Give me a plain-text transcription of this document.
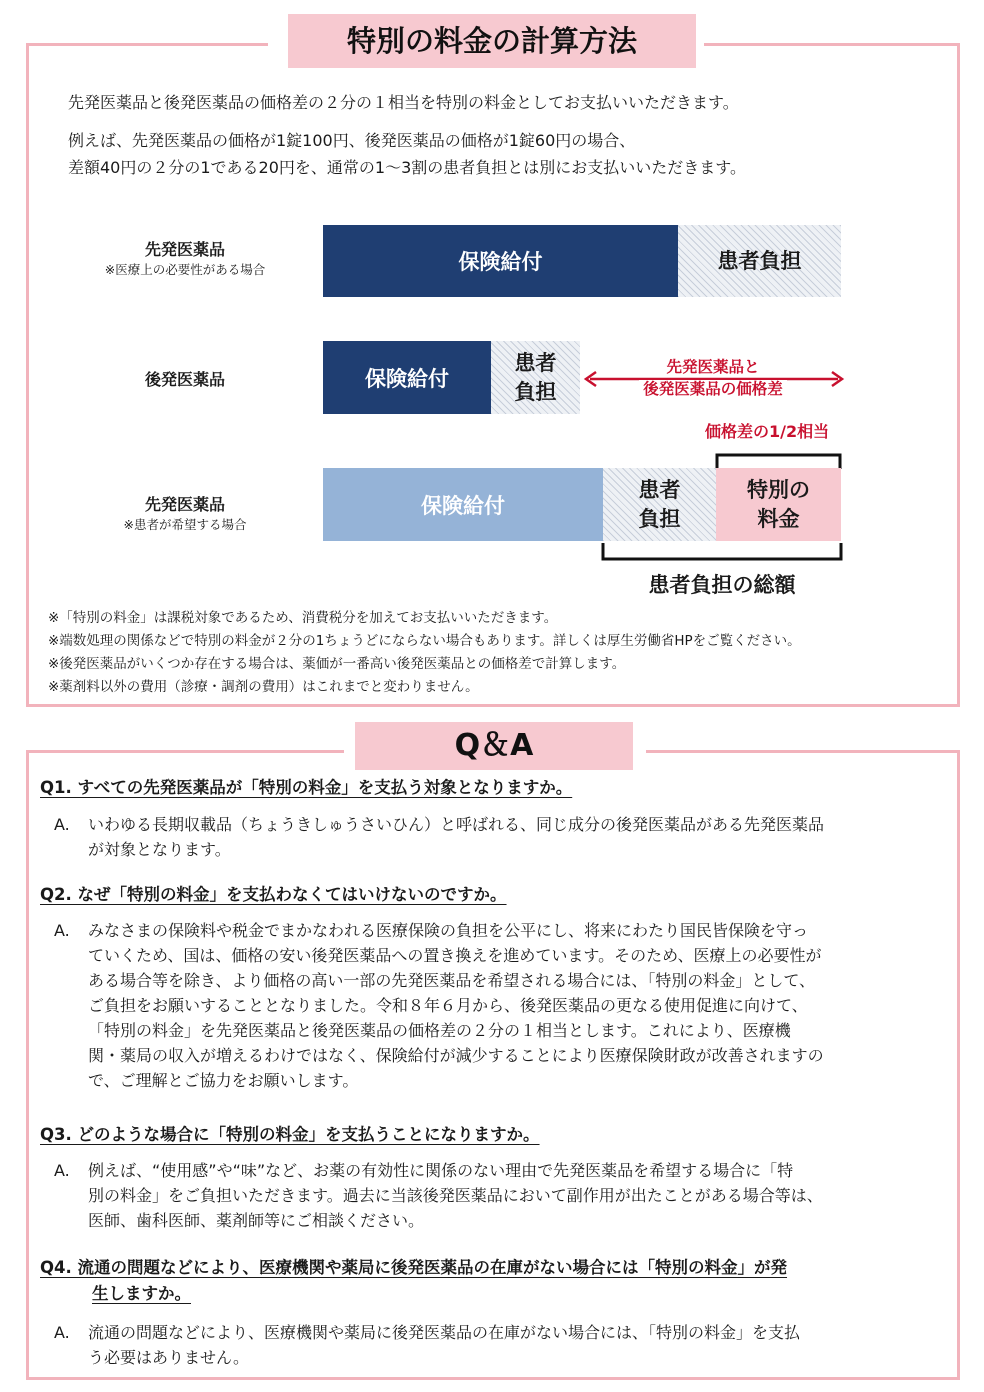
特別の料金の計算方法
先発医薬品と後発医薬品の価格差の２分の１相当を特別の料金としてお支払いいただきます。
例えば、先発医薬品の価格が1錠100円、後発医薬品の価格が1錠60円の場合、
差額40円の２分の1である20円を、通常の1～3割の患者負担とは別にお支払いいただきます。
先発医薬品
※医療上の必要性がある場合	保険給付	患者負担
後発医薬品	保険給付
患者
負担
先発医薬品と
後発医薬品の価格差
価格差の1/2相当
先発医薬品
※患者が希望する場合
保険給付
患者
負担
特別の
料金
患者負担の総額
※「特別の料金」は課税対象であるため、消費税分を加えてお支払いいただきます。
※端数処理の関係などで特別の料金が２分の1ちょうどにならない場合もあります。詳しくは厚生労働省HPをご覧ください。
※後発医薬品がいくつか存在する場合は、薬価が一番高い後発医薬品との価格差で計算します。
※薬剤料以外の費用（診療・調剤の費用）はこれまでと変わりません。
Q＆A
Q1. すべての先発医薬品が「特別の料金」を支払う対象となりますか。
A. いわゆる長期収載品（ちょうきしゅうさいひん）と呼ばれる、同じ成分の後発医薬品がある先発医薬品
が対象となります。
Q2. なぜ「特別の料金」を支払わなくてはいけないのですか。
A. みなさまの保険料や税金でまかなわれる医療保険の負担を公平にし、将来にわたり国民皆保険を守っ
ていくため、国は、価格の安い後発医薬品への置き換えを進めています。そのため、医療上の必要性が
ある場合等を除き、より価格の高い一部の先発医薬品を希望される場合には、「特別の料金」として、
ご負担をお願いすることとなりました。令和８年６月から、後発医薬品の更なる使用促進に向けて、
「特別の料金」を先発医薬品と後発医薬品の価格差の２分の１相当とします。これにより、医療機
関・薬局の収入が増えるわけではなく、保険給付が減少することにより医療保険財政が改善されますの
で、ご理解とご協力をお願いします。
Q3. どのような場合に「特別の料金」を支払うことになりますか。
A. 例えば、“使用感”や“味”など、お薬の有効性に関係のない理由で先発医薬品を希望する場合に「特
別の料金」をご負担いただきます。過去に当該後発医薬品において副作用が出たことがある場合等は、
医師、歯科医師、薬剤師等にご相談ください。
Q4. 流通の問題などにより、医療機関や薬局に後発医薬品の在庫がない場合には「特別の料金」が発
生しますか。
A. 流通の問題などにより、医療機関や薬局に後発医薬品の在庫がない場合には、「特別の料金」を支払
う必要はありません。
